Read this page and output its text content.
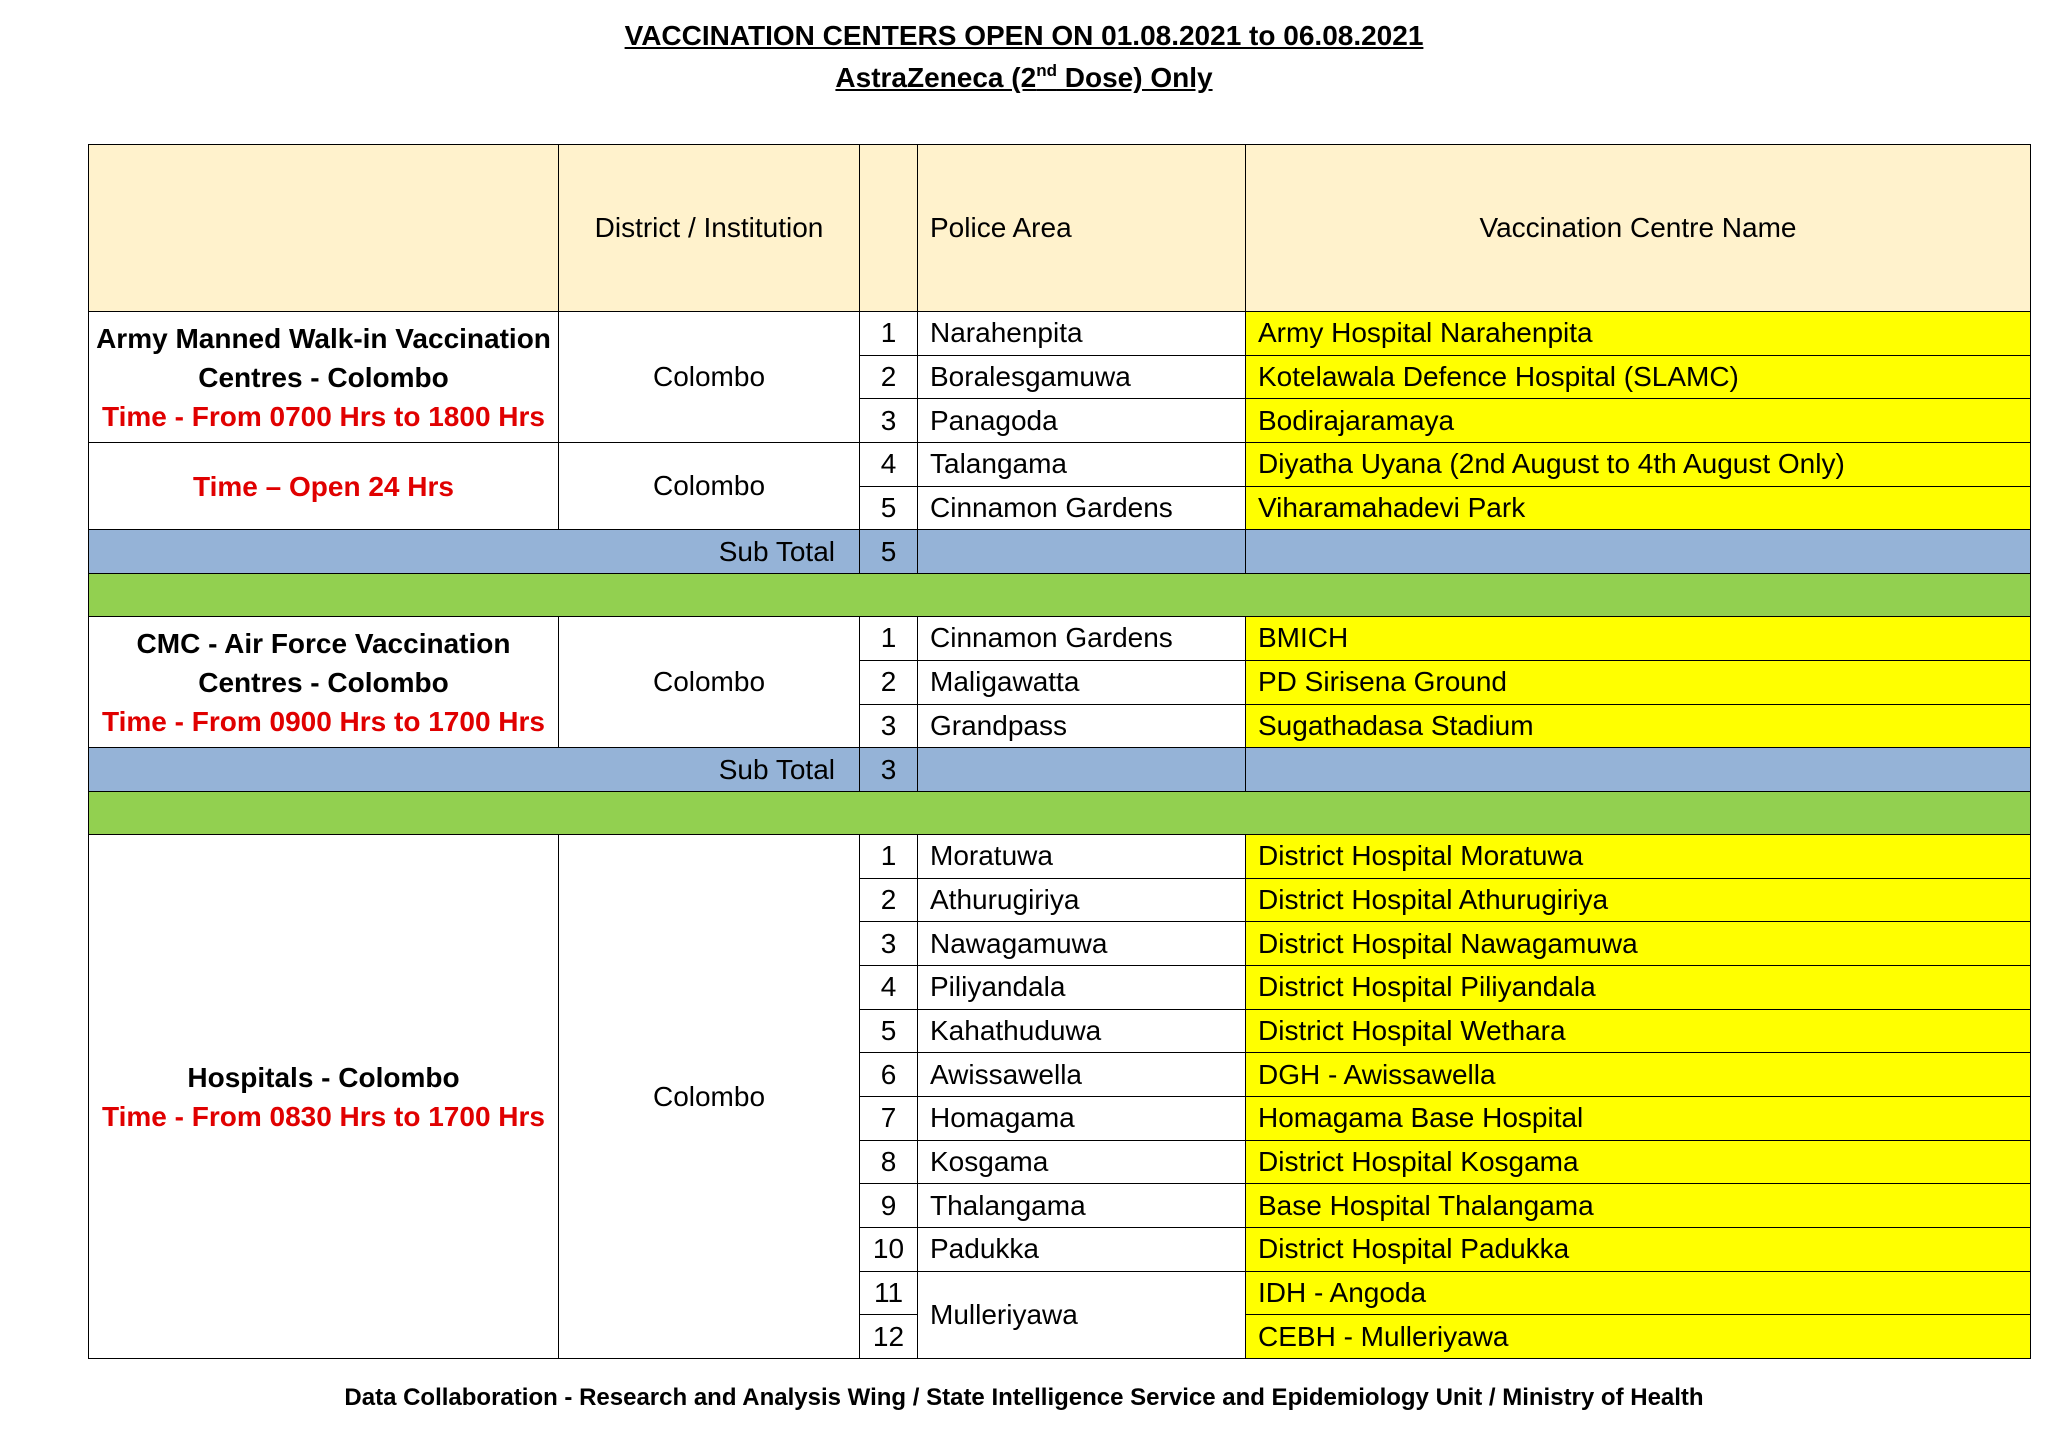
VACCINATION CENTERS OPEN ON 01.08.2021 to 06.08.2021
AstraZeneca (2nd Dose) Only
	District / Institution		Police Area	Vaccination Centre Name
Army Manned Walk-in Vaccination Centres - Colombo
Time - From 0700 Hrs to 1800 Hrs	Colombo	1	Narahenpita	Army Hospital Narahenpita
		2	Boralesgamuwa	Kotelawala Defence Hospital (SLAMC)
		3	Panagoda	Bodirajaramaya

Time – Open 24 Hrs	Colombo	4	Talangama	Diyatha Uyana (2nd August to 4th August Only)
		5	Cinnamon Gardens	Viharamahadevi Park
Sub Total		5		

CMC - Air Force Vaccination Centres - Colombo
Time - From 0900 Hrs to 1700 Hrs	Colombo	1	Cinnamon Gardens	BMICH
		2	Maligawatta	PD Sirisena Ground
		3	Grandpass	Sugathadasa Stadium
Sub Total		3		

Hospitals - Colombo
Time - From 0830 Hrs to 1700 Hrs	Colombo	1	Moratuwa	District Hospital Moratuwa
		2	Athurugiriya	District Hospital Athurugiriya
		3	Nawagamuwa	District Hospital Nawagamuwa
		4	Piliyandala	District Hospital Piliyandala
		5	Kahathuduwa	District Hospital Wethara
		6	Awissawella	DGH - Awissawella
		7	Homagama	Homagama Base Hospital
		8	Kosgama	District Hospital Kosgama
		9	Thalangama	Base Hospital Thalangama
		10	Padukka	District Hospital Padukka
		11	Mulleriyawa	IDH - Angoda
		12		CEBH - Mulleriyawa
Data Collaboration - Research and Analysis Wing / State Intelligence Service and Epidemiology Unit / Ministry of Health
